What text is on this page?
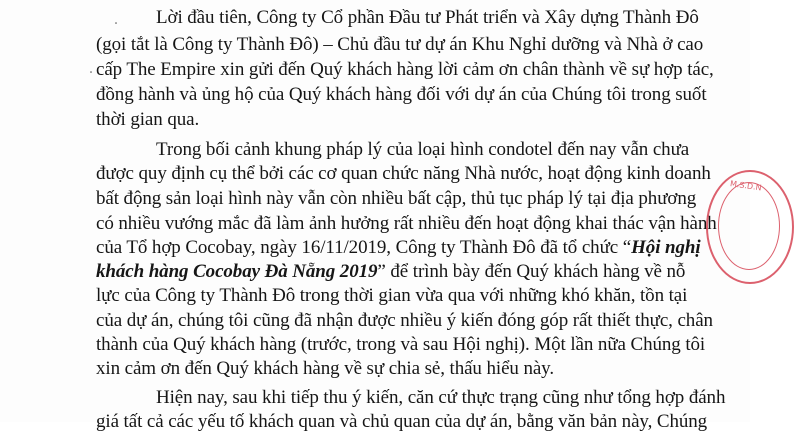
Lời đầu tiên, Công ty Cổ phần Đầu tư Phát triển và Xây dựng Thành Đô
(gọi tắt là Công ty Thành Đô) – Chủ đầu tư dự án Khu Nghỉ dưỡng và Nhà ở cao
cấp The Empire xin gửi đến Quý khách hàng lời cảm ơn chân thành về sự hợp tác,
đồng hành và ủng hộ của Quý khách hàng đối với dự án của Chúng tôi trong suốt
thời gian qua.
Trong bối cảnh khung pháp lý của loại hình condotel đến nay vẫn chưa
được quy định cụ thể bởi các cơ quan chức năng Nhà nước, hoạt động kinh doanh
bất động sản loại hình này vẫn còn nhiều bất cập, thủ tục pháp lý tại địa phương
có nhiều vướng mắc đã làm ảnh hưởng rất nhiều đến hoạt động khai thác vận hành
của Tổ hợp Cocobay, ngày 16/11/2019, Công ty Thành Đô đã tổ chức “Hội nghị
khách hàng Cocobay Đà Nẵng 2019” để trình bày đến Quý khách hàng về nỗ
lực của Công ty Thành Đô trong thời gian vừa qua với những khó khăn, tồn tại
của dự án, chúng tôi cũng đã nhận được nhiều ý kiến đóng góp rất thiết thực, chân
thành của Quý khách hàng (trước, trong và sau Hội nghị). Một lần nữa Chúng tôi
xin cảm ơn đến Quý khách hàng về sự chia sẻ, thấu hiểu này.
Hiện nay, sau khi tiếp thu ý kiến, căn cứ thực trạng cũng như tổng hợp đánh
giá tất cả các yếu tố khách quan và chủ quan của dự án, bằng văn bản này, Chúng
M.S.D.N
.
.
